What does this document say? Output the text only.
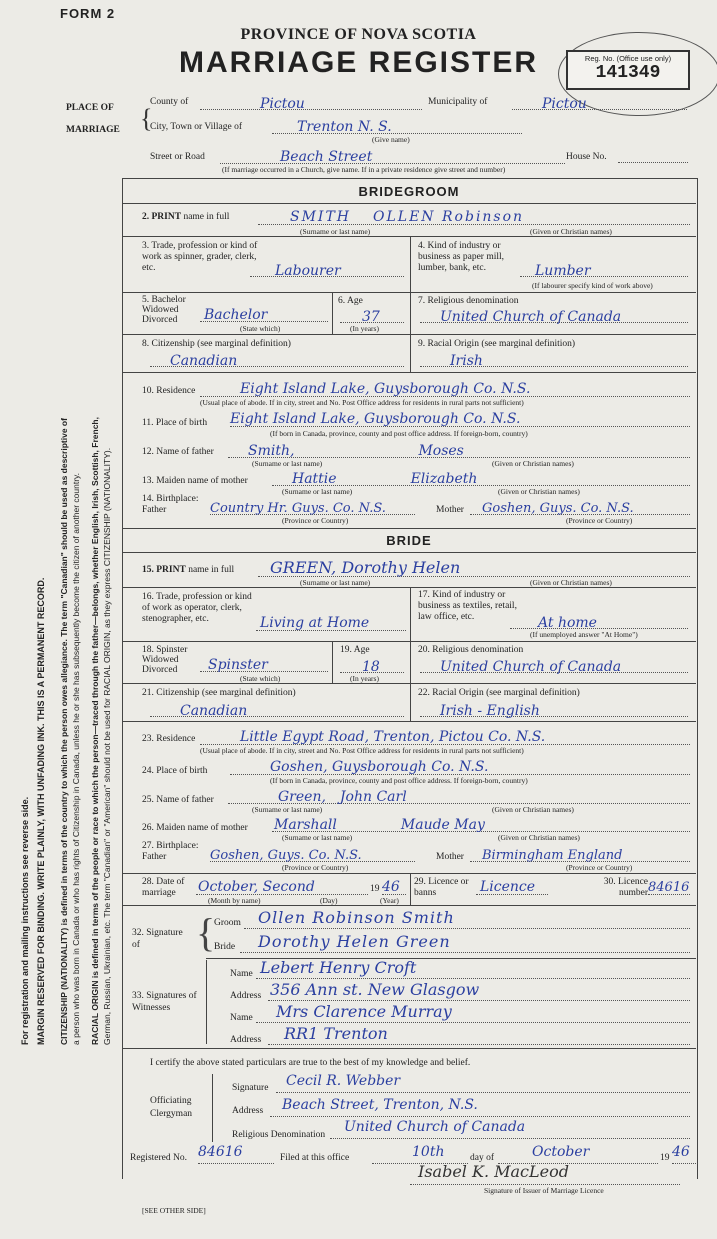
FORM 2
PROVINCE OF NOVA SCOTIA
MARRIAGE REGISTER	Reg. No. (Office use only)
141349
PLACE OF MARRIAGE {
County of	Pictou	Municipality of	Pictou
City, Town or Village of	Trenton N. S.
(Give name)
Street or Road	Beach Street	House No.
(If marriage occurred in a Church, give name. If in a private residence give street and number)
For registration and mailing instructions see reverse side. MARGIN RESERVED FOR BINDING. WRITE PLAINLY, WITH UNFADING INK. THIS IS A PERMANENT RECORD. CITIZENSHIP (NATIONALITY) is defined in terms of the country to which the person owes allegiance. The term "Canadian" should be used as descriptive of a person who was born in Canada or who has rights of Citizenship in Canada, unless he or she has subsequently become the citizen of another country. RACIAL ORIGIN is defined in terms of the people or race to which the person—traced through the father—belongs, whether English, Irish, Scottish, French, German, Russian, Ukrainian, etc. The term "Canadian" or "American" should not be used for RACIAL ORIGIN, as they express CITIZENSHIP (NATIONALITY).
BRIDEGROOM
2. PRINT name in full	SMITH OLLEN Robinson
(Surname or last name)	(Given or Christian names)
3. Trade, profession or kind of work as spinner, grader, clerk, etc.	Labourer
4. Kind of industry or business as paper mill, lumber, bank, etc.	Lumber
(If labourer specify kind of work above)
5. Bachelor Widowed Divorced	Bachelor
(State which)
6. Age
37
(In years)
7. Religious denomination
United Church of Canada
8. Citizenship (see marginal definition)
Canadian
9. Racial Origin (see marginal definition)
Irish
10. Residence	Eight Island Lake, Guysborough Co. N.S.
(Usual place of abode. If in city, street and No. Post Office address for residents in rural parts not sufficient)
11. Place of birth Eight Island Lake, Guysborough Co. N.S.
(If born in Canada, province, county and post office address. If foreign-born, country)
12. Name of father	Smith,	Moses
(Surname or last name)	(Given or Christian names)
13. Maiden name of mother	Hattie	Elizabeth
(Surname or last name)	(Given or Christian names)
14. Birthplace: Father	Country Hr. Guys. Co. N.S.	Mother	Goshen, Guys. Co. N.S.
(Province or Country)	(Province or Country)
BRIDE
15. PRINT name in full	GREEN, Dorothy Helen
(Surname or last name)	(Given or Christian names)
16. Trade, profession or kind of work as operator, clerk, stenographer, etc.	Living at Home
17. Kind of industry or business as textiles, retail, law office, etc.	At home
(If unemployed answer "At Home")
18. Spinster Widowed Divorced	Spinster
(State which)
19. Age
18
(In years)
20. Religious denomination
United Church of Canada
21. Citizenship (see marginal definition)
Canadian
22. Racial Origin (see marginal definition)
Irish - English
23. Residence	Little Egypt Road, Trenton, Pictou Co. N.S.
(Usual place of abode. If in city, street and No. Post Office address for residents in rural parts not sufficient)
24. Place of birth	Goshen, Guysborough Co. N.S.
(If born in Canada, province, county and post office address. If foreign-born, country)
25. Name of father	Green, John Carl
(Surname or last name)	(Given or Christian names)
26. Maiden name of mother Marshall	Maude May
(Surname or last name)	(Given or Christian names)
27. Birthplace: Father	Goshen, Guys. Co. N.S.	Mother	Birmingham England
(Province or Country)	(Province or Country)
28. Date of marriage	October, Second	19 46
(Month by name)	(Day)	(Year)
29. Licence or banns	Licence	30. Licence number 84616
32. Signature of	{
Groom	Ollen Robinson Smith
Bride	Dorothy Helen Green
33. Signatures of Witnesses
Name Lebert Henry Croft
Address 356 Ann st. New Glasgow
Name	Mrs Clarence Murray
Address	RR1 Trenton
I certify the above stated particulars are true to the best of my knowledge and belief.
Officiating Clergyman
Signature	Cecil R. Webber
Address	Beach Street, Trenton, N.S.
Religious Denomination	United Church of Canada
Registered No. 84616	Filed at this office	10th	day of	October	19 46
Isabel K. MacLeod
Signature of Issuer of Marriage Licence
[SEE OTHER SIDE]
